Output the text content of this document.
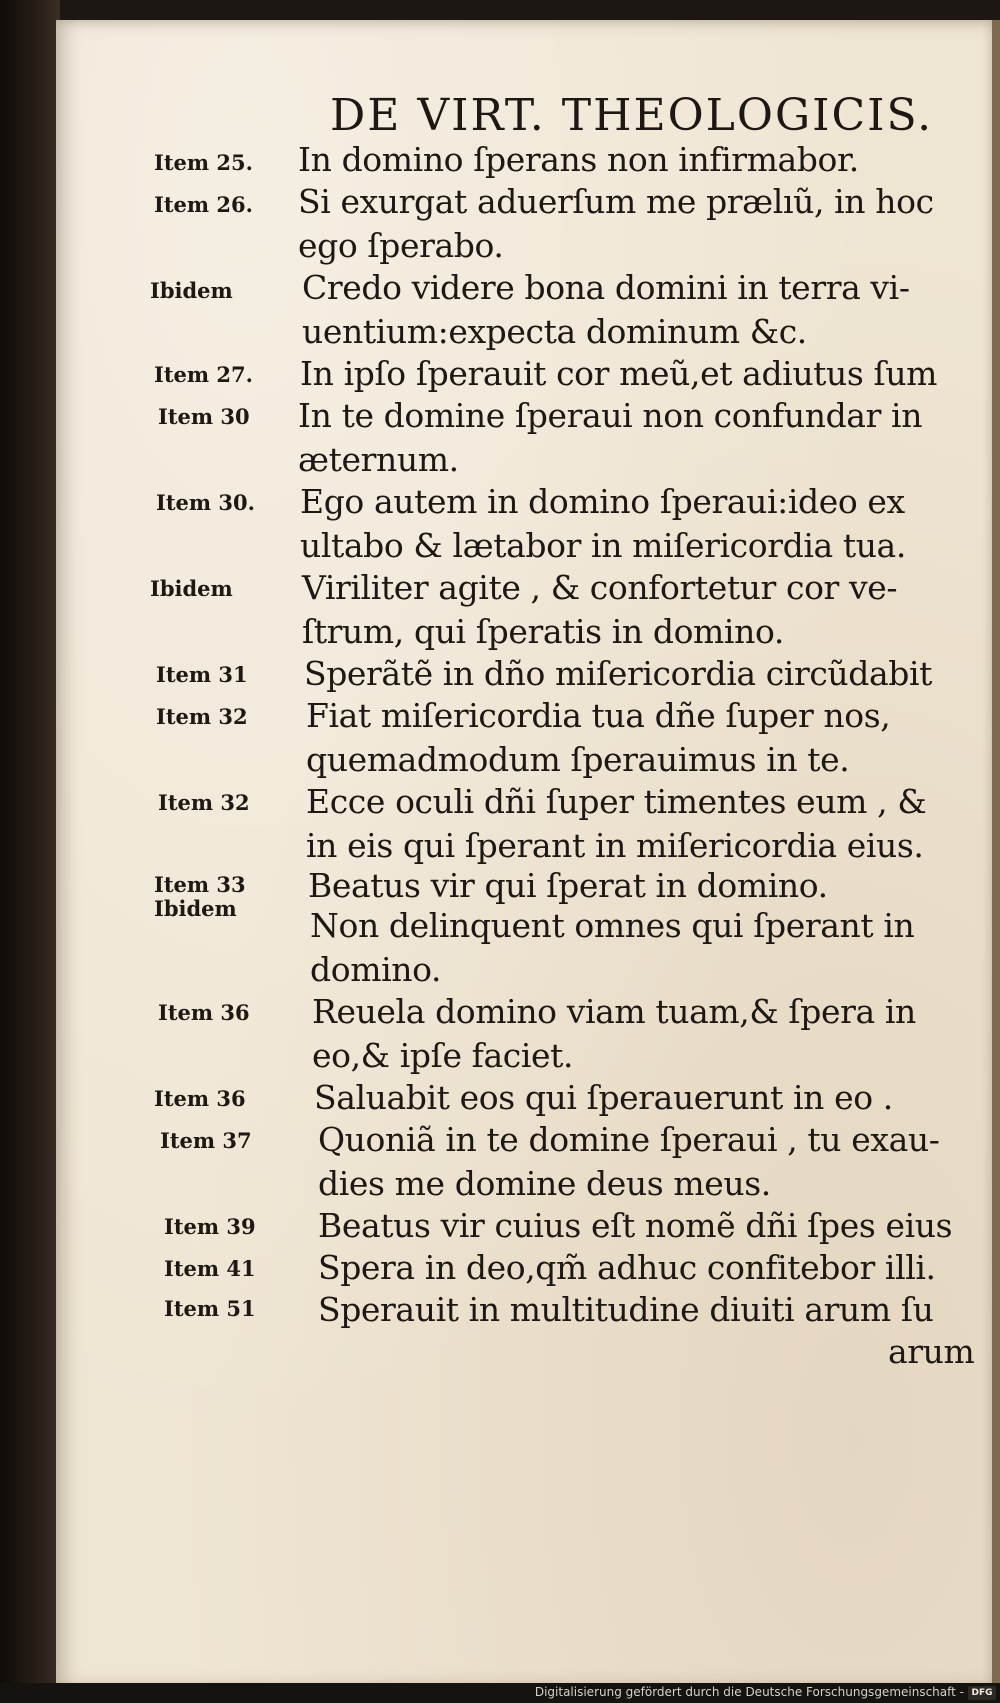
DE VIRT. THEOLOGICIS.
Item 25.	In domino ſperans non infirmabor.
Item 26.	Si exurgat aduerſum me prælıũ, in hoc
ego ſperabo.
Ibidem	Credo videre bona domini in terra vi-
uentium:expecta dominum &c.
Item 27.	In ipſo ſperauit cor meũ,et adiutus ſum
Item 30	In te domine ſperaui non confundar in
æternum.
Item 30.	Ego autem in domino ſperaui:ideo ex
ultabo & lætabor in miſericordia tua.
Ibidem	Viriliter agite , & confortetur cor ve-
ſtrum, qui ſperatis in domino.
Item 31	Sperãtẽ in dño miſericordia circũdabit
Item 32	Fiat miſericordia tua dñe ſuper nos,
quemadmodum ſperauimus in te.
Item 32	Ecce oculi dñi ſuper timentes eum , &
in eis qui ſperant in miſericordia eius.
Item 33	Beatus vir qui ſperat in domino.
Ibidem	Non delinquent omnes qui ſperant in
domino.
Item 36	Reuela domino viam tuam,& ſpera in
eo,& ipſe faciet.
Item 36	Saluabit eos qui ſperauerunt in eo .
Item 37	Quoniã in te domine ſperaui , tu exau-
dies me domine deus meus.
Item 39	Beatus vir cuius eſt nomẽ dñi ſpes eius
Item 41	Spera in deo,qm̃ adhuc confitebor illi.
Item 51	Sperauit in multitudine diuiti arum ſu
arum
Digitalisierung gefördert durch die Deutsche Forschungsgemeinschaft - DFG
